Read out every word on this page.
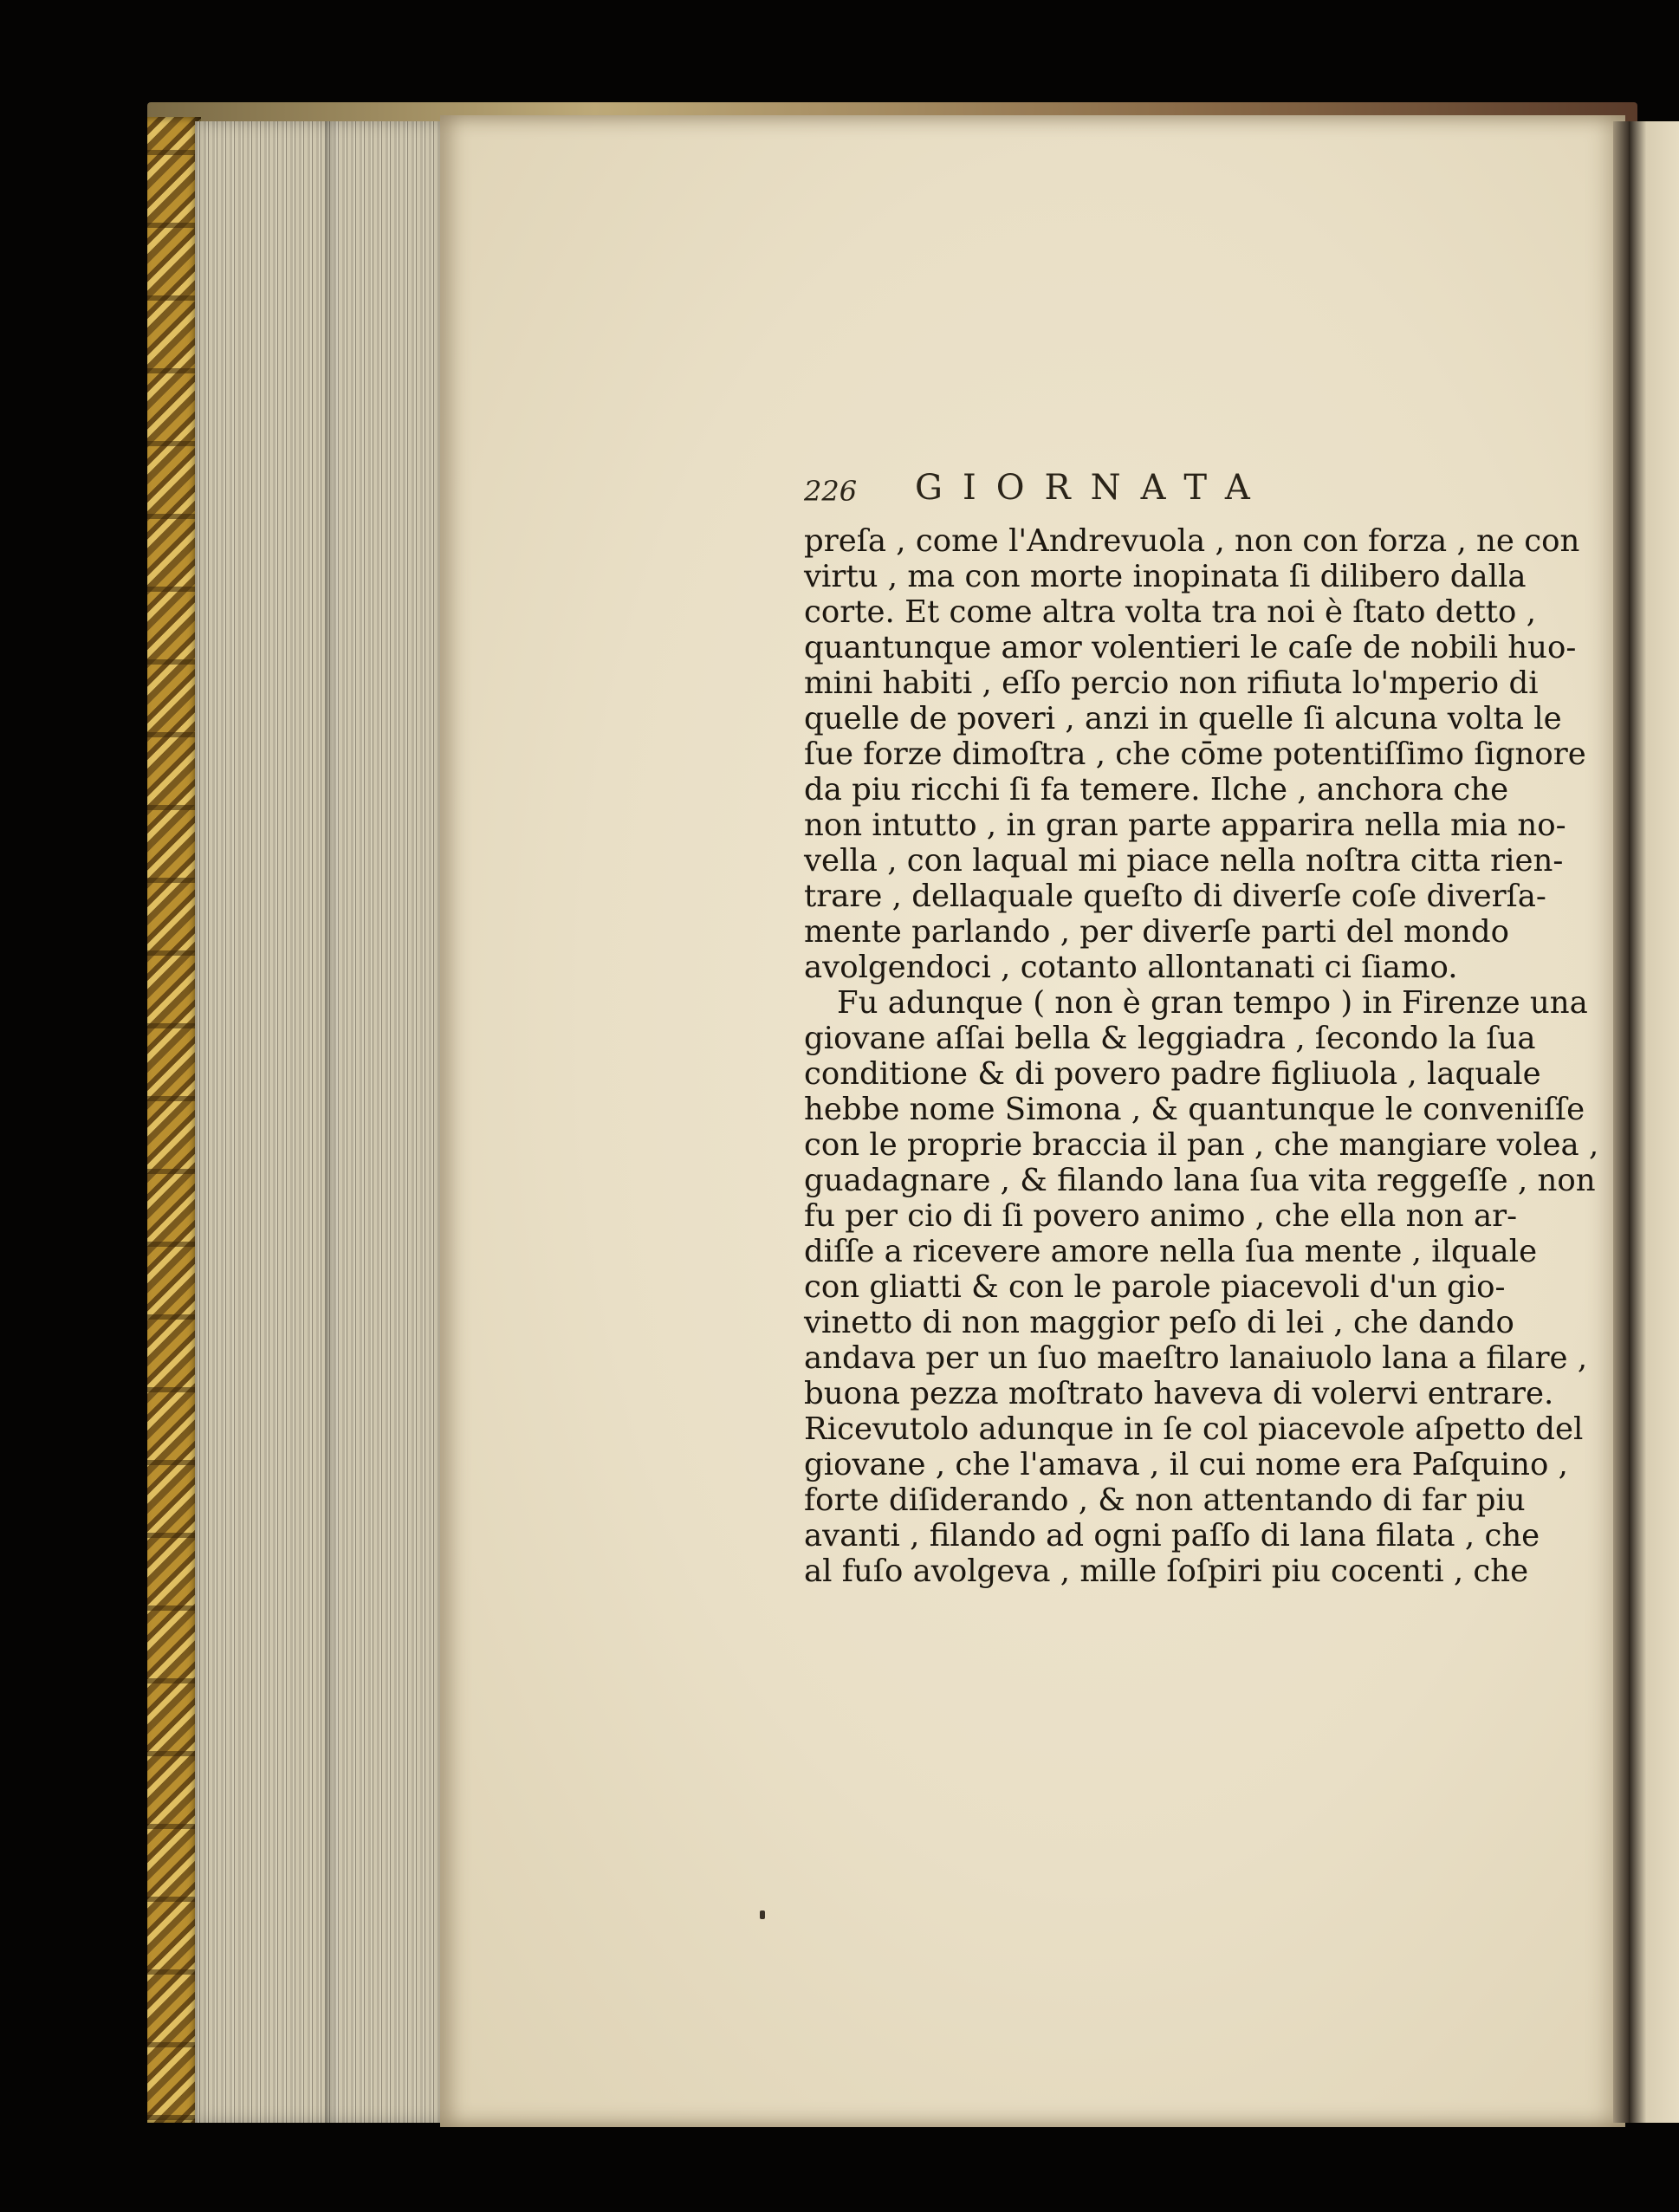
226 GIORNATA
preſa , come l'Andrevuola , non con forza , ne con
virtu , ma con morte inopinata ſi dilibero dalla
corte. Et come altra volta tra noi è ſtato detto ,
quantunque amor volentieri le caſe de nobili huo-
mini habiti , eſſo percio non rifiuta lo'mperio di
quelle de poveri , anzi in quelle ſi alcuna volta le
ſue forze dimoſtra , che cōme potentiſſimo ſignore
da piu ricchi ſi fa temere. Ilche , anchora che
non intutto , in gran parte apparira nella mia no-
vella , con laqual mi piace nella noſtra citta rien-
trare , dellaquale queſto di diverſe coſe diverſa-
mente parlando , per diverſe parti del mondo
avolgendoci , cotanto allontanati ci ſiamo.
Fu adunque ( non è gran tempo ) in Firenze una
giovane aſſai bella & leggiadra , ſecondo la ſua
conditione & di povero padre figliuola , laquale
hebbe nome Simona , & quantunque le conveniſſe
con le proprie braccia il pan , che mangiare volea ,
guadagnare , & filando lana ſua vita reggeſſe , non
fu per cio di ſi povero animo , che ella non ar-
diſſe a ricevere amore nella ſua mente , ilquale
con gliatti & con le parole piacevoli d'un gio-
vinetto di non maggior peſo di lei , che dando
andava per un ſuo maeſtro lanaiuolo lana a filare ,
buona pezza moſtrato haveva di volervi entrare.
Ricevutolo adunque in ſe col piacevole aſpetto del
giovane , che l'amava , il cui nome era Paſquino ,
forte diſiderando , & non attentando di far piu
avanti , filando ad ogni paſſo di lana filata , che
al fuſo avolgeva , mille ſoſpiri piu cocenti , che
